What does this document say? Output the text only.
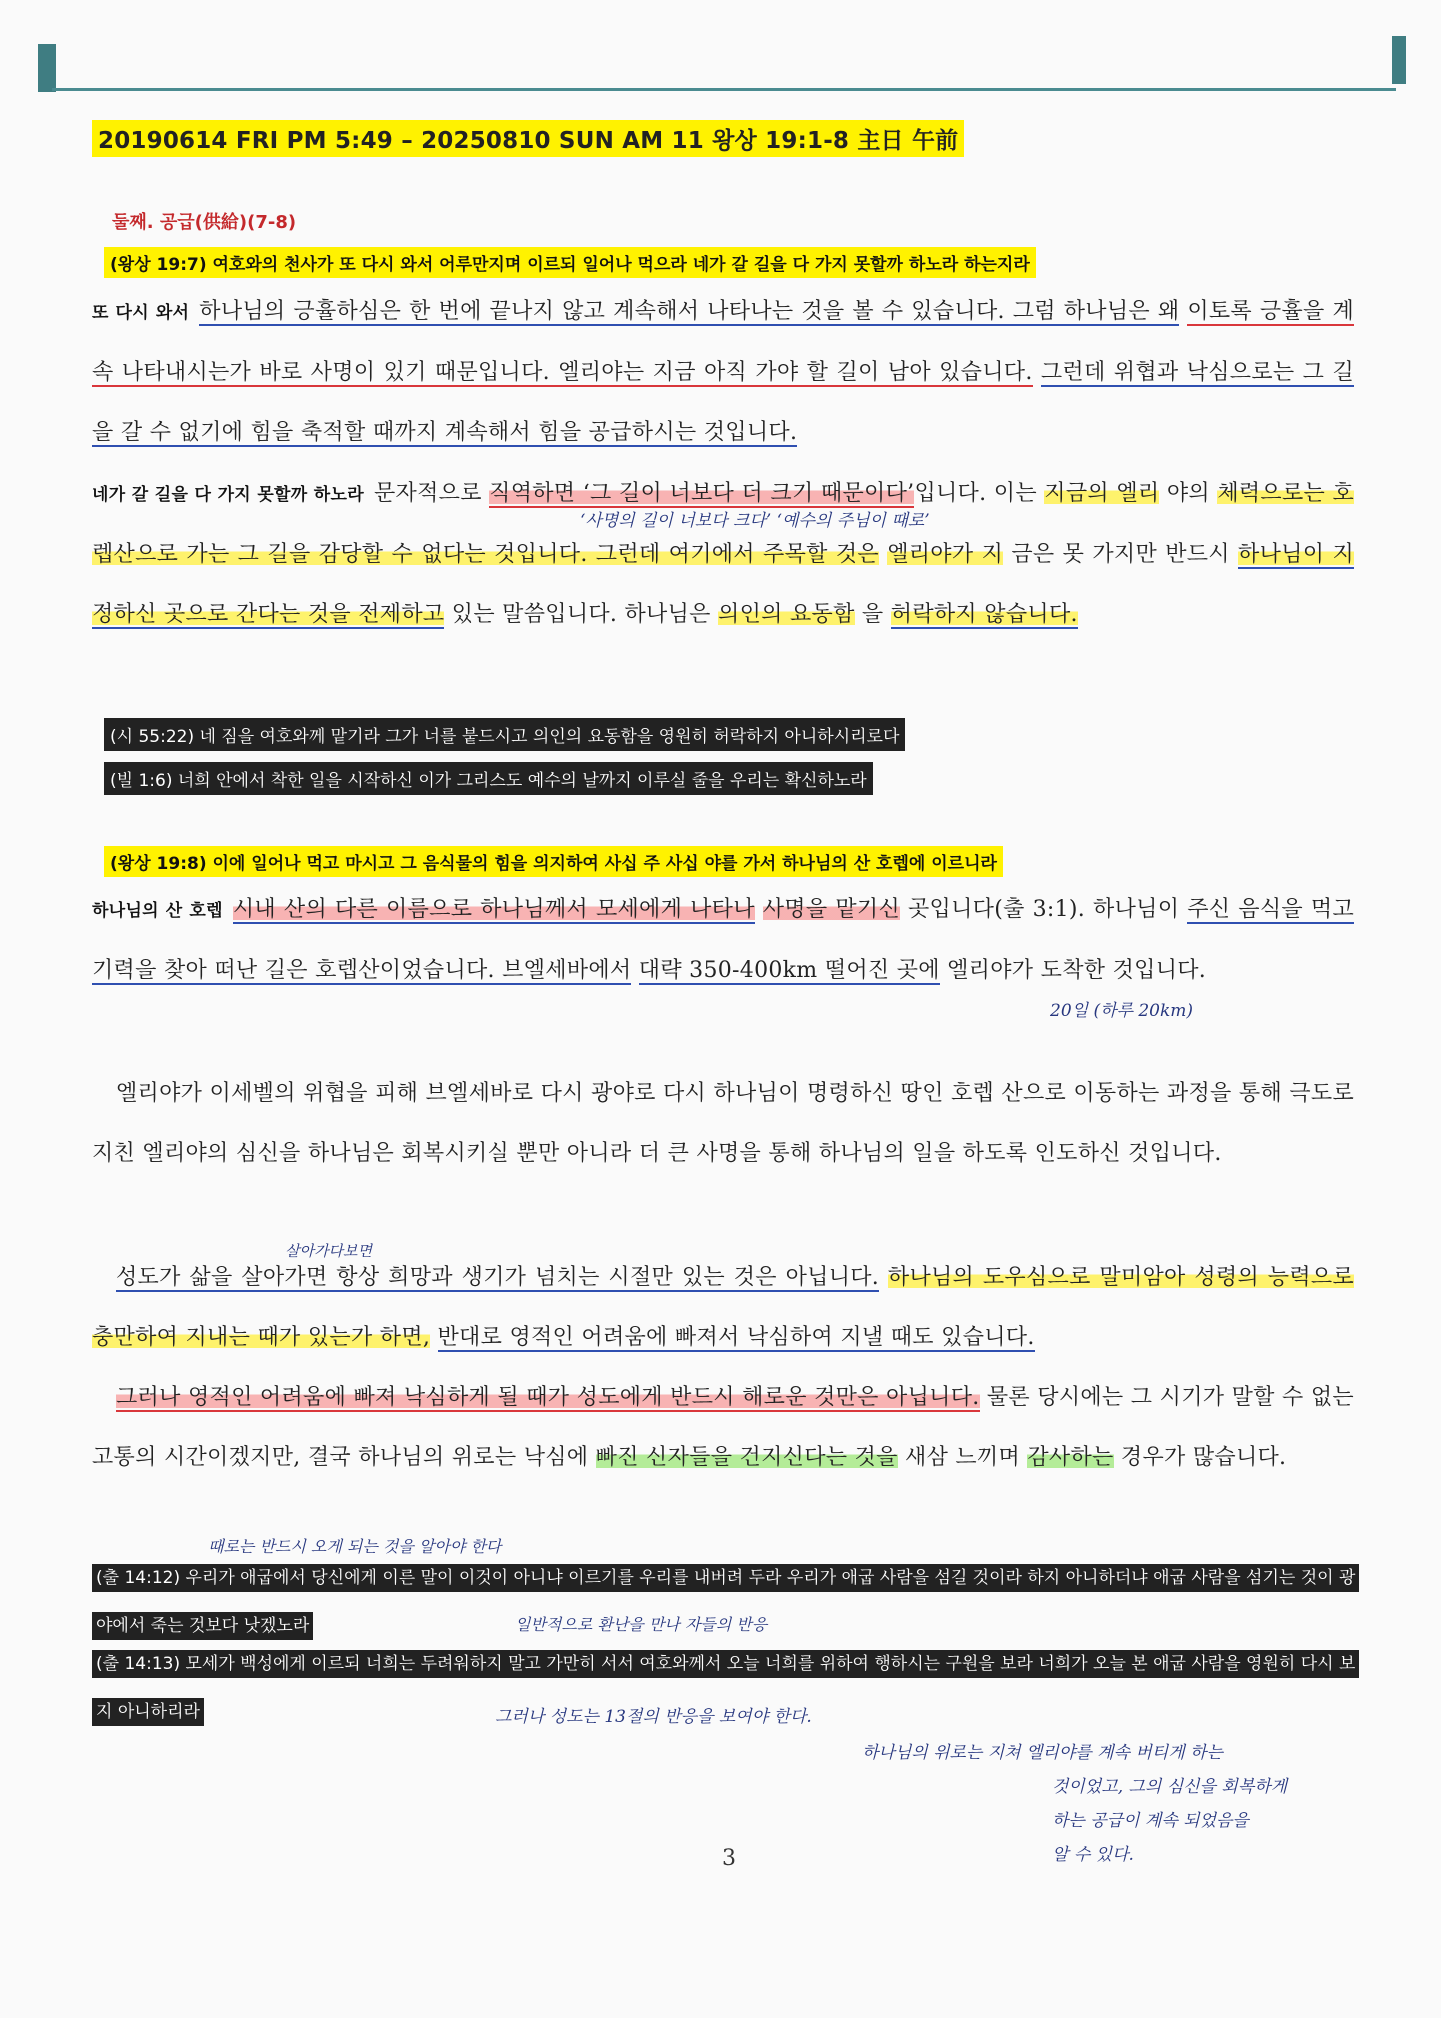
20190614 FRI PM 5:49 – 20250810 SUN AM 11 왕상 19:1-8 主日 午前
둘째. 공급(供給)(7-8)
(왕상 19:7) 여호와의 천사가 또 다시 와서 어루만지며 이르되 일어나 먹으라 네가 갈 길을 다 가지 못할까 하노라 하는지라
또 다시 와서 하나님의 긍휼하심은 한 번에 끝나지 않고 계속해서 나타나는 것을 볼 수 있습니다. 그럼 하나님은 왜 이토록 긍휼을 계속 나타내시는가 바로 사명이 있기 때문입니다. 엘리야는 지금 아직 가야 할 길이 남아 있습니다. 그런데 위협과 낙심으로는 그 길을 갈 수 없기에 힘을 축적할 때까지 계속해서 힘을 공급하시는 것입니다.
네가 갈 길을 다 가지 못할까 하노라 문자적으로 직역하면 ‘그 길이 너보다 더 크기 때문이다’입니다. 이는 지금의 엘리 야의 체력으로는 호렙산으로 가는 그 길을 감당할 수 없다는 것입니다. 그런데 여기에서 주목할 것은 엘리야가 지 금은 못 가지만 반드시 하나님이 지정하신 곳으로 간다는 것을 전제하고 있는 말씀입니다. 하나님은 의인의 요동함 을 허락하지 않습니다.
‘사명의 길이 너보다 크다’ ‘예수의 주님이 때로’
(시 55:22) 네 짐을 여호와께 맡기라 그가 너를 붙드시고 의인의 요동함을 영원히 허락하지 아니하시리로다
(빌 1:6) 너희 안에서 착한 일을 시작하신 이가 그리스도 예수의 날까지 이루실 줄을 우리는 확신하노라
(왕상 19:8) 이에 일어나 먹고 마시고 그 음식물의 힘을 의지하여 사십 주 사십 야를 가서 하나님의 산 호렙에 이르니라
하나님의 산 호렙 시내 산의 다른 이름으로 하나님께서 모세에게 나타나 사명을 맡기신 곳입니다(출 3:1). 하나님이 주신 음식을 먹고 기력을 찾아 떠난 길은 호렙산이었습니다. 브엘세바에서 대략 350-400km 떨어진 곳에 엘리야가 도착한 것입니다.
20일 (하루 20km)
엘리야가 이세벨의 위협을 피해 브엘세바로 다시 광야로 다시 하나님이 명령하신 땅인 호렙 산으로 이동하는 과정을 통해 극도로 지친 엘리야의 심신을 하나님은 회복시키실 뿐만 아니라 더 큰 사명을 통해 하나님의 일을 하도록 인도하신 것입니다.
살아가다보면
성도가 삶을 살아가면 항상 희망과 생기가 넘치는 시절만 있는 것은 아닙니다. 하나님의 도우심으로 말미암아 성령의 능력으로 충만하여 지내는 때가 있는가 하면, 반대로 영적인 어려움에 빠져서 낙심하여 지낼 때도 있습니다.
그러나 영적인 어려움에 빠져 낙심하게 될 때가 성도에게 반드시 해로운 것만은 아닙니다. 물론 당시에는 그 시기가 말할 수 없는 고통의 시간이겠지만, 결국 하나님의 위로는 낙심에 빠진 신자들을 건지신다는 것을 새삼 느끼며 감사하는 경우가 많습니다.
때로는 반드시 오게 되는 것을 알아야 한다
(출 14:12) 우리가 애굽에서 당신에게 이른 말이 이것이 아니냐 이르기를 우리를 내버려 두라 우리가 애굽 사람을 섬길 것이라 하지 아니하더냐 애굽 사람을 섬기는 것이 광야에서 죽는 것보다 낫겠노라	일반적으로 환난을 만나 자들의 반응
(출 14:13) 모세가 백성에게 이르되 너희는 두려워하지 말고 가만히 서서 여호와께서 오늘 너희를 위하여 행하시는 구원을 보라 너희가 오늘 본 애굽 사람을 영원히 다시 보지 아니하리라	그러나 성도는 13절의 반응을 보여야 한다.
하나님의 위로는 지쳐 엘리야를 계속 버티게 하는
것이었고, 그의 심신을 회복하게
하는 공급이 계속 되었음을
알 수 있다.
3
